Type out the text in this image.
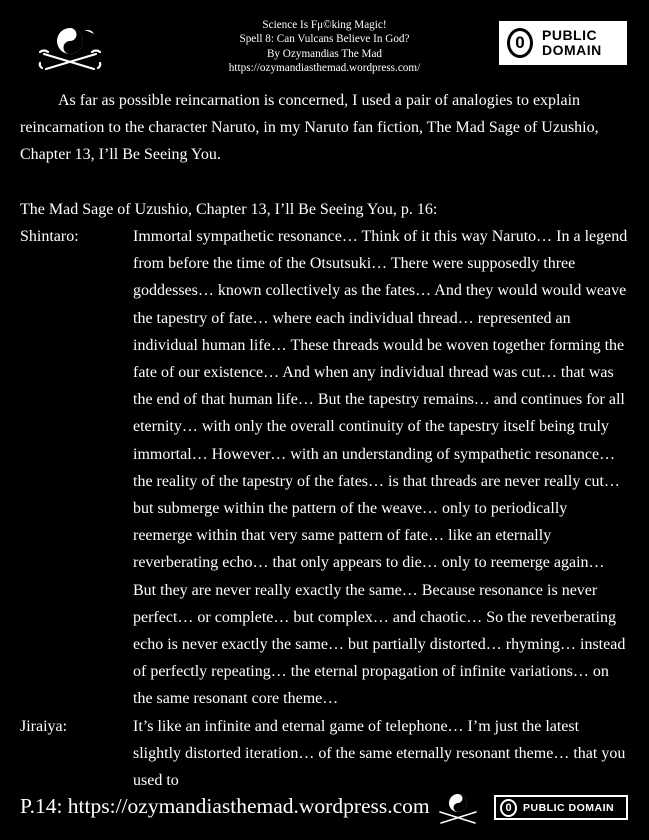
Science Is Fμ©king Magic!
Spell 8: Can Vulcans Believe In God?
By Ozymandias The Mad
https://ozymandiasthemad.wordpress.com/
0	PUBLIC
DOMAIN

As far as possible reincarnation is concerned, I used a pair of analogies to explain reincarnation to the character Naruto, in my Naruto fan fiction, The Mad Sage of Uzushio, Chapter 13, I’ll Be Seeing You.

The Mad Sage of Uzushio, Chapter 13, I’ll Be Seeing You, p. 16:

Shintaro:	Immortal sympathetic resonance… Think of it this way Naruto… In a legend from before the time of the Otsutsuki… There were supposedly three goddesses… known collectively as the fates… And they would would weave the tapestry of fate… where each individual thread… represented an individual human life… These threads would be woven together forming the fate of our existence… And when any individual thread was cut… that was the end of that human life… But the tapestry remains… and continues for all eternity… with only the overall continuity of the tapestry itself being truly immortal… However… with an understanding of sympathetic resonance… the reality of the tapestry of the fates… is that threads are never really cut… but submerge within the pattern of the weave… only to periodically reemerge within that very same pattern of fate… like an eternally reverberating echo… that only appears to die… only to reemerge again… But they are never really exactly the same… Because resonance is never perfect… or complete… but complex… and chaotic… So the reverberating echo is never exactly the same… but partially distorted… rhyming… instead of perfectly repeating… the eternal propagation of infinite variations… on the same resonant core theme…
Jiraiya:	It’s like an infinite and eternal game of telephone… I’m just the latest slightly distorted iteration… of the same eternally resonant theme… that you used to
P.14: https://ozymandiasthemad.wordpress.com	0	PUBLIC DOMAIN
